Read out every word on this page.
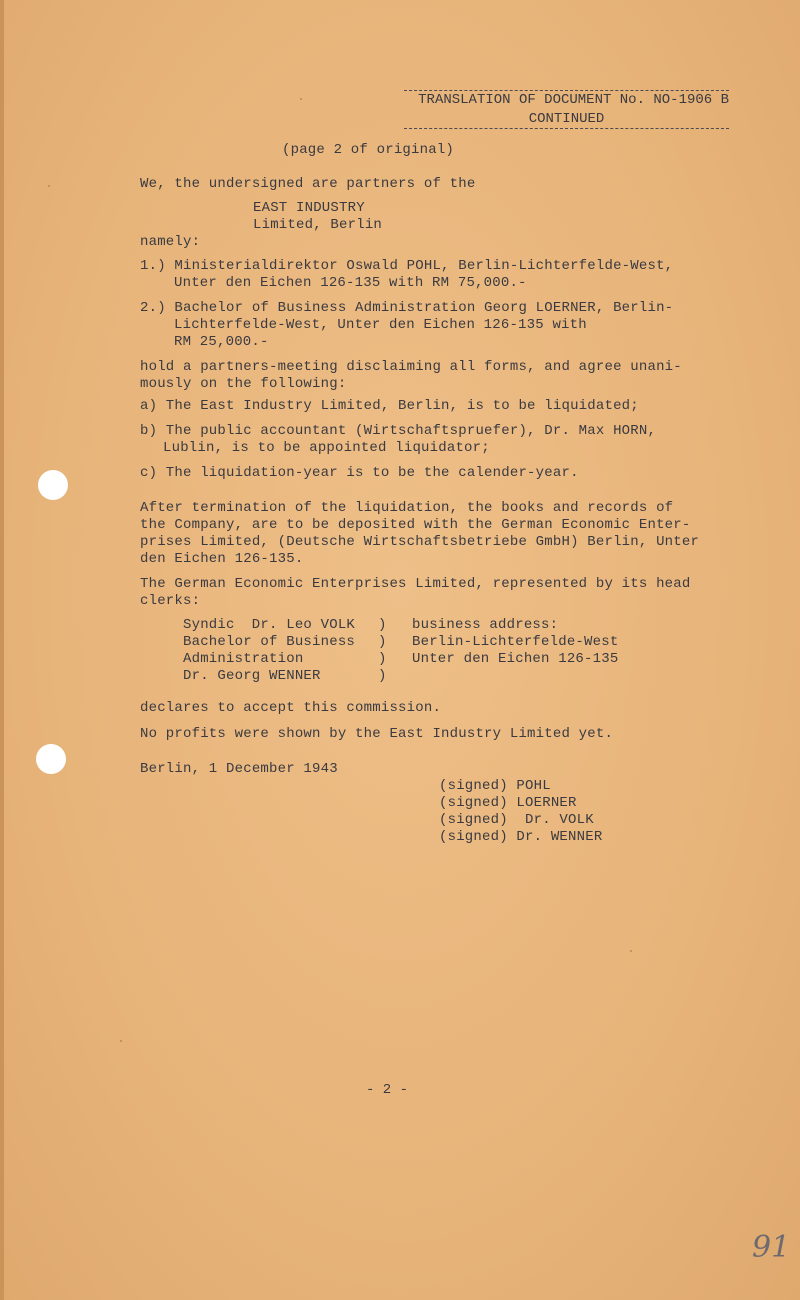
TRANSLATION OF DOCUMENT No. NO-1906 B
CONTINUED
(page 2 of original)
We, the undersigned are partners of the
EAST INDUSTRY
Limited, Berlin
namely:
1.) Ministerialdirektor Oswald POHL, Berlin-Lichterfelde-West,
Unter den Eichen 126-135 with RM 75,000.-
2.) Bachelor of Business Administration Georg LOERNER, Berlin-
Lichterfelde-West, Unter den Eichen 126-135 with
RM 25,000.-
hold a partners-meeting disclaiming all forms, and agree unani-
mously on the following:
a) The East Industry Limited, Berlin, is to be liquidated;
b) The public accountant (Wirtschaftspruefer), Dr. Max HORN,
Lublin, is to be appointed liquidator;
c) The liquidation-year is to be the calender-year.
After termination of the liquidation, the books and records of
the Company, are to be deposited with the German Economic Enter-
prises Limited, (Deutsche Wirtschaftsbetriebe GmbH) Berlin, Unter
den Eichen 126-135.
The German Economic Enterprises Limited, represented by its head
clerks:
Syndic  Dr. Leo VOLK
Bachelor of Business
Administration
Dr. Georg WENNER
)
)
)
)
business address:
Berlin-Lichterfelde-West
Unter den Eichen 126-135
declares to accept this commission.
No profits were shown by the East Industry Limited yet.
Berlin, 1 December 1943
(signed) POHL
(signed) LOERNER
(signed)  Dr. VOLK
(signed) Dr. WENNER
- 2 -
91
